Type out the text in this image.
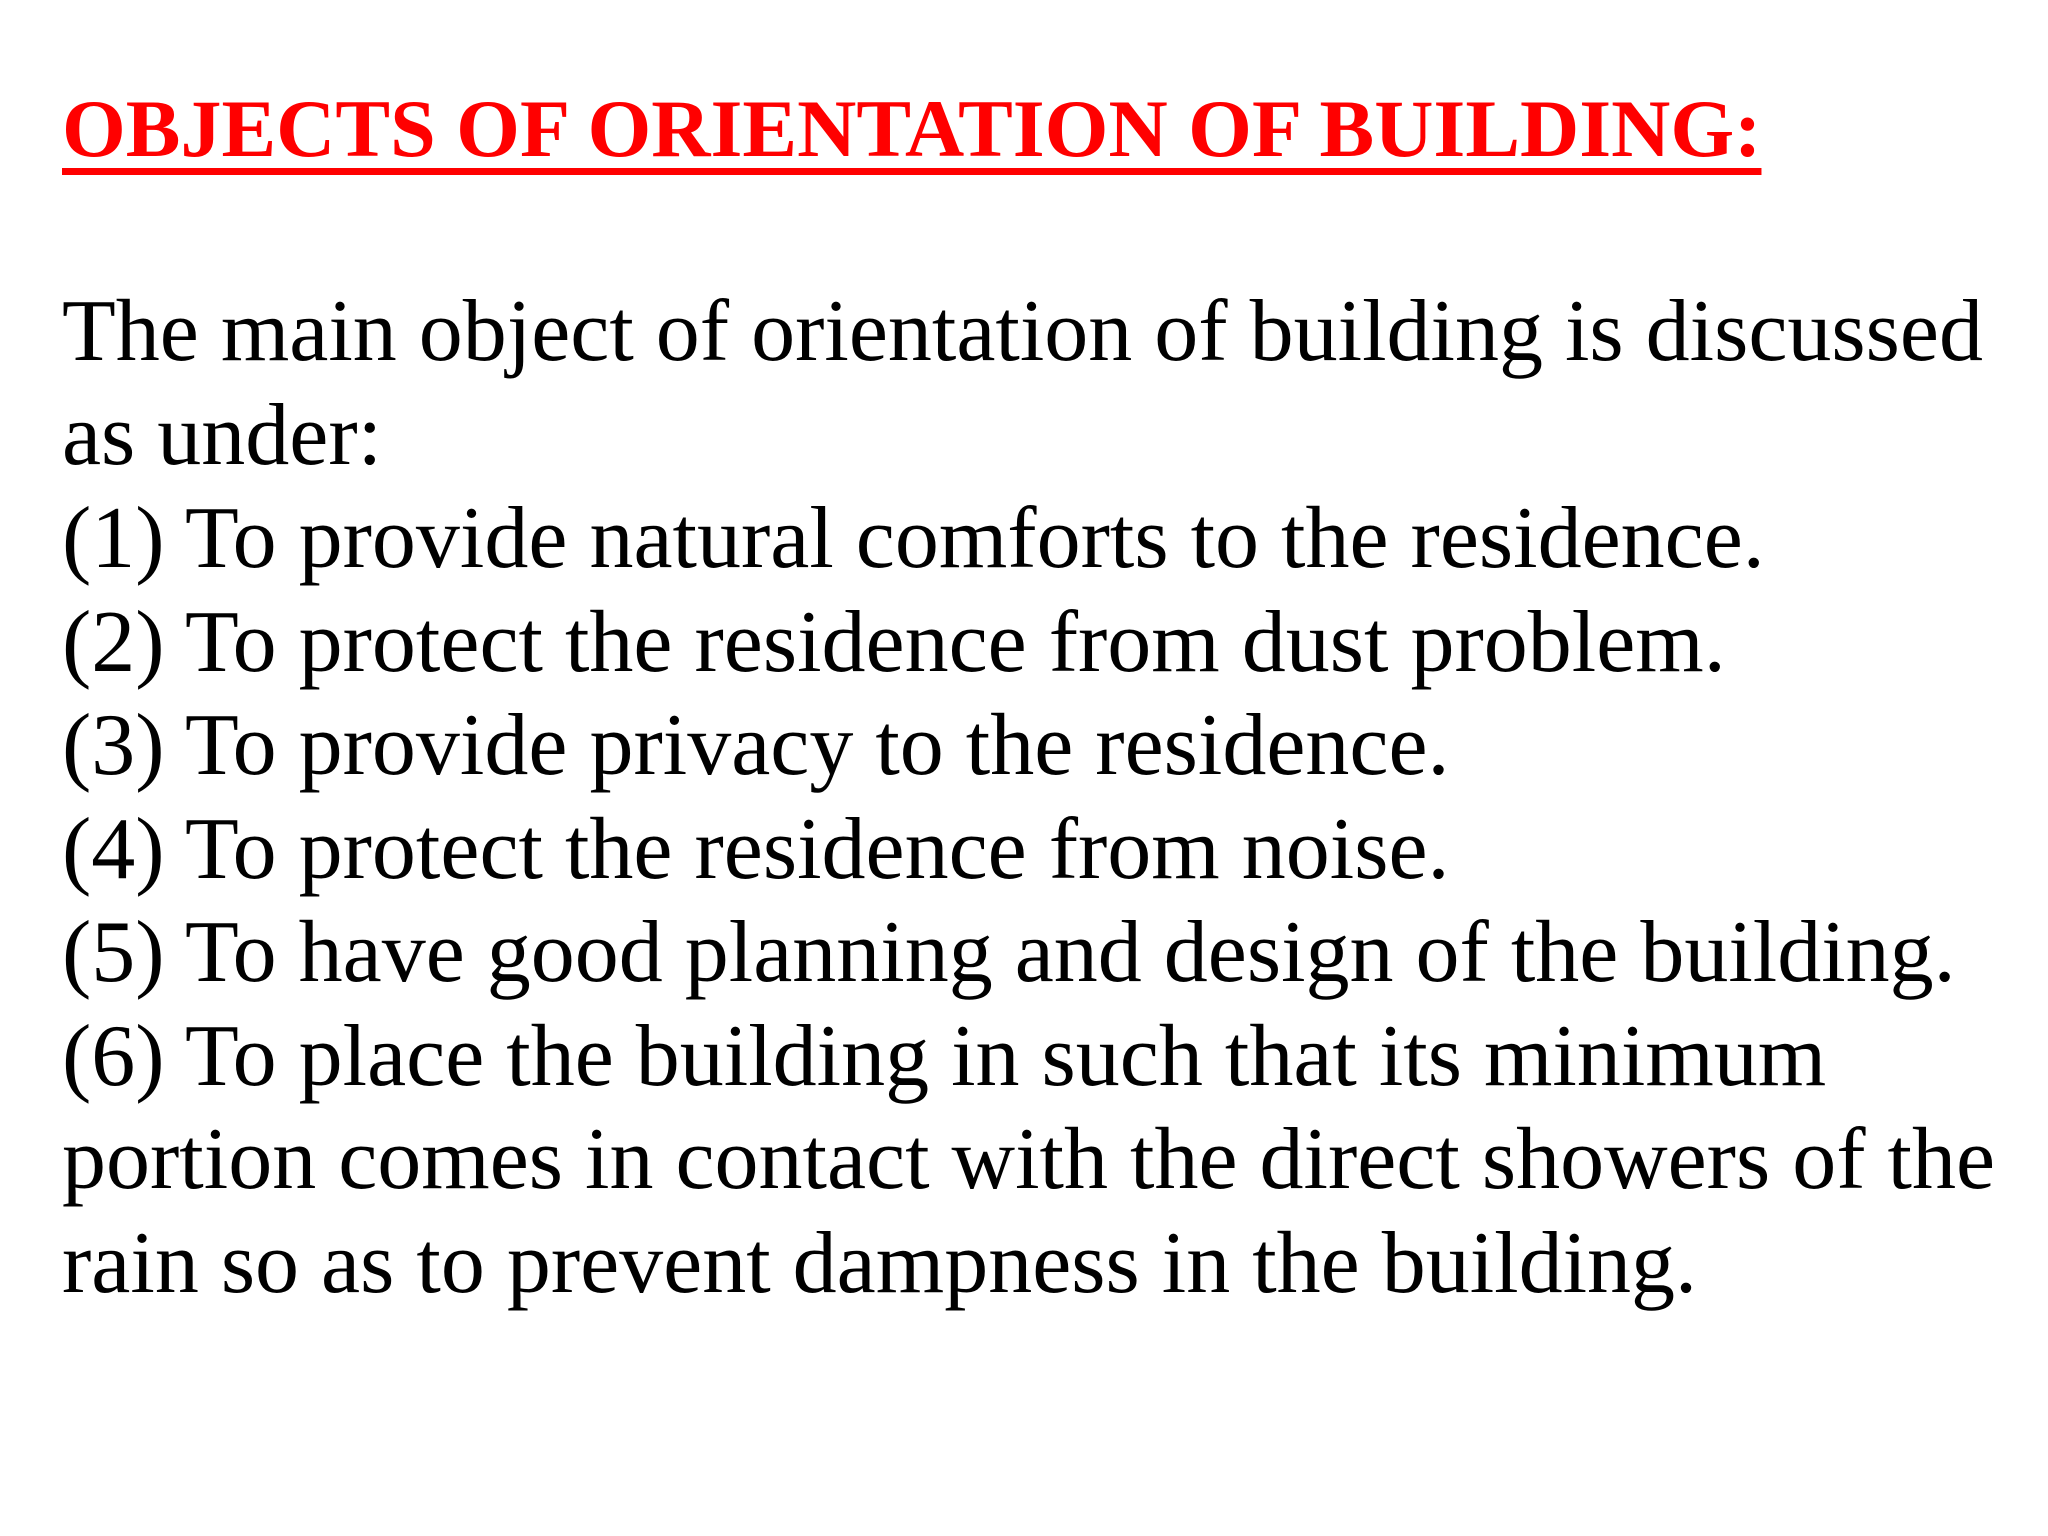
OBJECTS OF ORIENTATION OF BUILDING:
The main object of orientation of building is discussed
as under:
(1) To provide natural comforts to the residence.
(2) To protect the residence from dust problem.
(3) To provide privacy to the residence.
(4) To protect the residence from noise.
(5) To have good planning and design of the building.
(6) To place the building in such that its minimum
portion comes in contact with the direct showers of the
rain so as to prevent dampness in the building.
